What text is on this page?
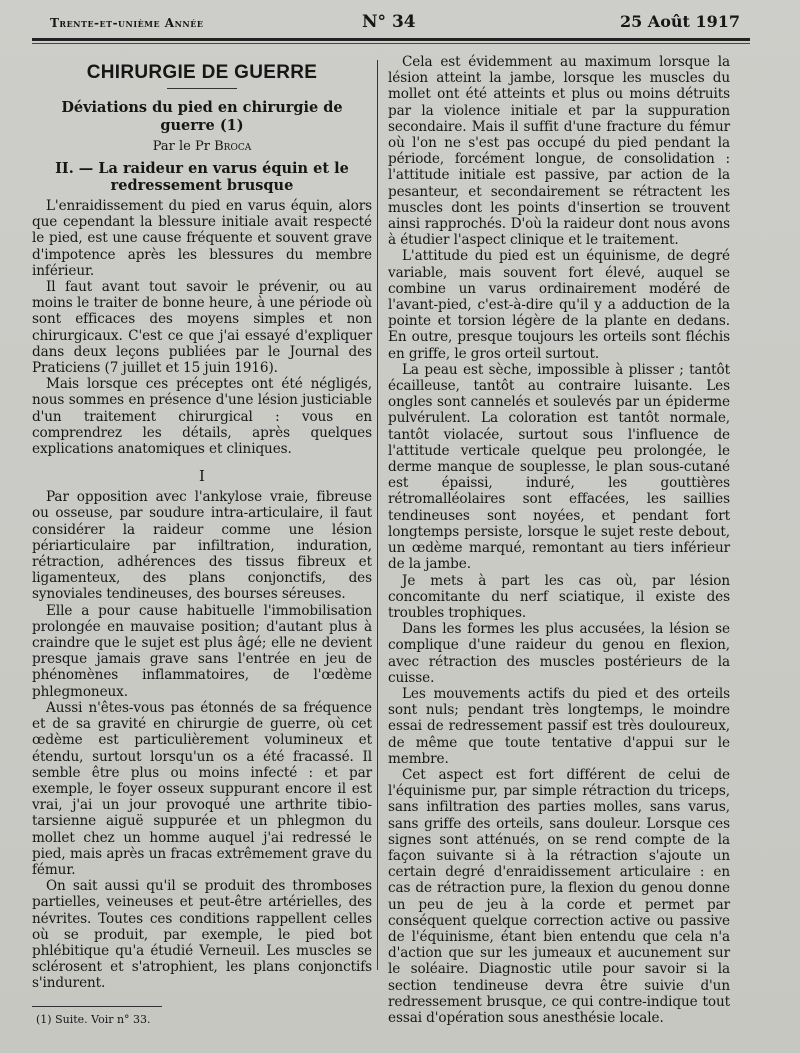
Trente-et-unième Année	N° 34	25 Août 1917
CHIRURGIE DE GUERRE
Déviations du pied en chirurgie de guerre (1)
Par le Pr Broca
II. — La raideur en varus équin et le redressement brusque

L'enraidissement du pied en varus équin, alors que cependant la blessure initiale avait respecté le pied, est une cause fréquente et souvent grave d'impotence après les blessures du membre inférieur.

Il faut avant tout savoir le prévenir, ou au moins le traiter de bonne heure, à une période où sont efficaces des moyens simples et non chirurgicaux. C'est ce que j'ai essayé d'expliquer dans deux leçons publiées par le Journal des Praticiens (7 juillet et 15 juin 1916).

Mais lorsque ces préceptes ont été négligés, nous sommes en présence d'une lésion justiciable d'un traitement chirurgical : vous en comprendrez les détails, après quelques explications anatomiques et cliniques.

I

Par opposition avec l'ankylose vraie, fibreuse ou osseuse, par soudure intra-articulaire, il faut considérer la raideur comme une lésion périarticulaire par infiltration, induration, rétraction, adhérences des tissus fibreux et ligamenteux, des plans conjonctifs, des synoviales tendineuses, des bourses séreuses.

Elle a pour cause habituelle l'immobilisation prolongée en mauvaise position; d'autant plus à craindre que le sujet est plus âgé; elle ne devient presque jamais grave sans l'entrée en jeu de phénomènes inflammatoires, de l'œdème phlegmoneux.

Aussi n'êtes-vous pas étonnés de sa fréquence et de sa gravité en chirurgie de guerre, où cet œdème est particulièrement volumineux et étendu, surtout lorsqu'un os a été fracassé. Il semble être plus ou moins infecté : et par exemple, le foyer osseux suppurant encore il est vrai, j'ai un jour provoqué une arthrite tibio-tarsienne aiguë suppurée et un phlegmon du mollet chez un homme auquel j'ai redressé le pied, mais après un fracas extrêmement grave du fémur.

On sait aussi qu'il se produit des thromboses partielles, veineuses et peut-être artérielles, des névrites. Toutes ces conditions rappellent celles où se produit, par exemple, le pied bot phlébitique qu'a étudié Verneuil. Les muscles se sclérosent et s'atrophient, les plans conjonctifs s'indurent.

(1) Suite. Voir n° 33.

Cela est évidemment au maximum lorsque la lésion atteint la jambe, lorsque les muscles du mollet ont été atteints et plus ou moins détruits par la violence initiale et par la suppuration secondaire. Mais il suffit d'une fracture du fémur où l'on ne s'est pas occupé du pied pendant la période, forcément longue, de consolidation : l'attitude initiale est passive, par action de la pesanteur, et secondairement se rétractent les muscles dont les points d'insertion se trouvent ainsi rapprochés. D'où la raideur dont nous avons à étudier l'aspect clinique et le traitement.

L'attitude du pied est un équinisme, de degré variable, mais souvent fort élevé, auquel se combine un varus ordinairement modéré de l'avant-pied, c'est-à-dire qu'il y a adduction de la pointe et torsion légère de la plante en dedans. En outre, presque toujours les orteils sont fléchis en griffe, le gros orteil surtout.

La peau est sèche, impossible à plisser ; tantôt écailleuse, tantôt au contraire luisante. Les ongles sont cannelés et soulevés par un épiderme pulvérulent. La coloration est tantôt normale, tantôt violacée, surtout sous l'influence de l'attitude verticale quelque peu prolongée, le derme manque de souplesse, le plan sous-cutané est épaissi, induré, les gouttières rétromalléolaires sont effacées, les saillies tendineuses sont noyées, et pendant fort longtemps persiste, lorsque le sujet reste debout, un œdème marqué, remontant au tiers inférieur de la jambe.

Je mets à part les cas où, par lésion concomitante du nerf sciatique, il existe des troubles trophiques.

Dans les formes les plus accusées, la lésion se complique d'une raideur du genou en flexion, avec rétraction des muscles postérieurs de la cuisse.

Les mouvements actifs du pied et des orteils sont nuls; pendant très longtemps, le moindre essai de redressement passif est très douloureux, de même que toute tentative d'appui sur le membre.

Cet aspect est fort différent de celui de l'équinisme pur, par simple rétraction du triceps, sans infiltration des parties molles, sans varus, sans griffe des orteils, sans douleur. Lorsque ces signes sont atténués, on se rend compte de la façon suivante si à la rétraction s'ajoute un certain degré d'enraidissement articulaire : en cas de rétraction pure, la flexion du genou donne un peu de jeu à la corde et permet par conséquent quelque correction active ou passive de l'équinisme, étant bien entendu que cela n'a d'action que sur les jumeaux et aucunement sur le soléaire. Diagnostic utile pour savoir si la section tendineuse devra être suivie d'un redressement brusque, ce qui contre-indique tout essai d'opération sous anesthésie locale.
